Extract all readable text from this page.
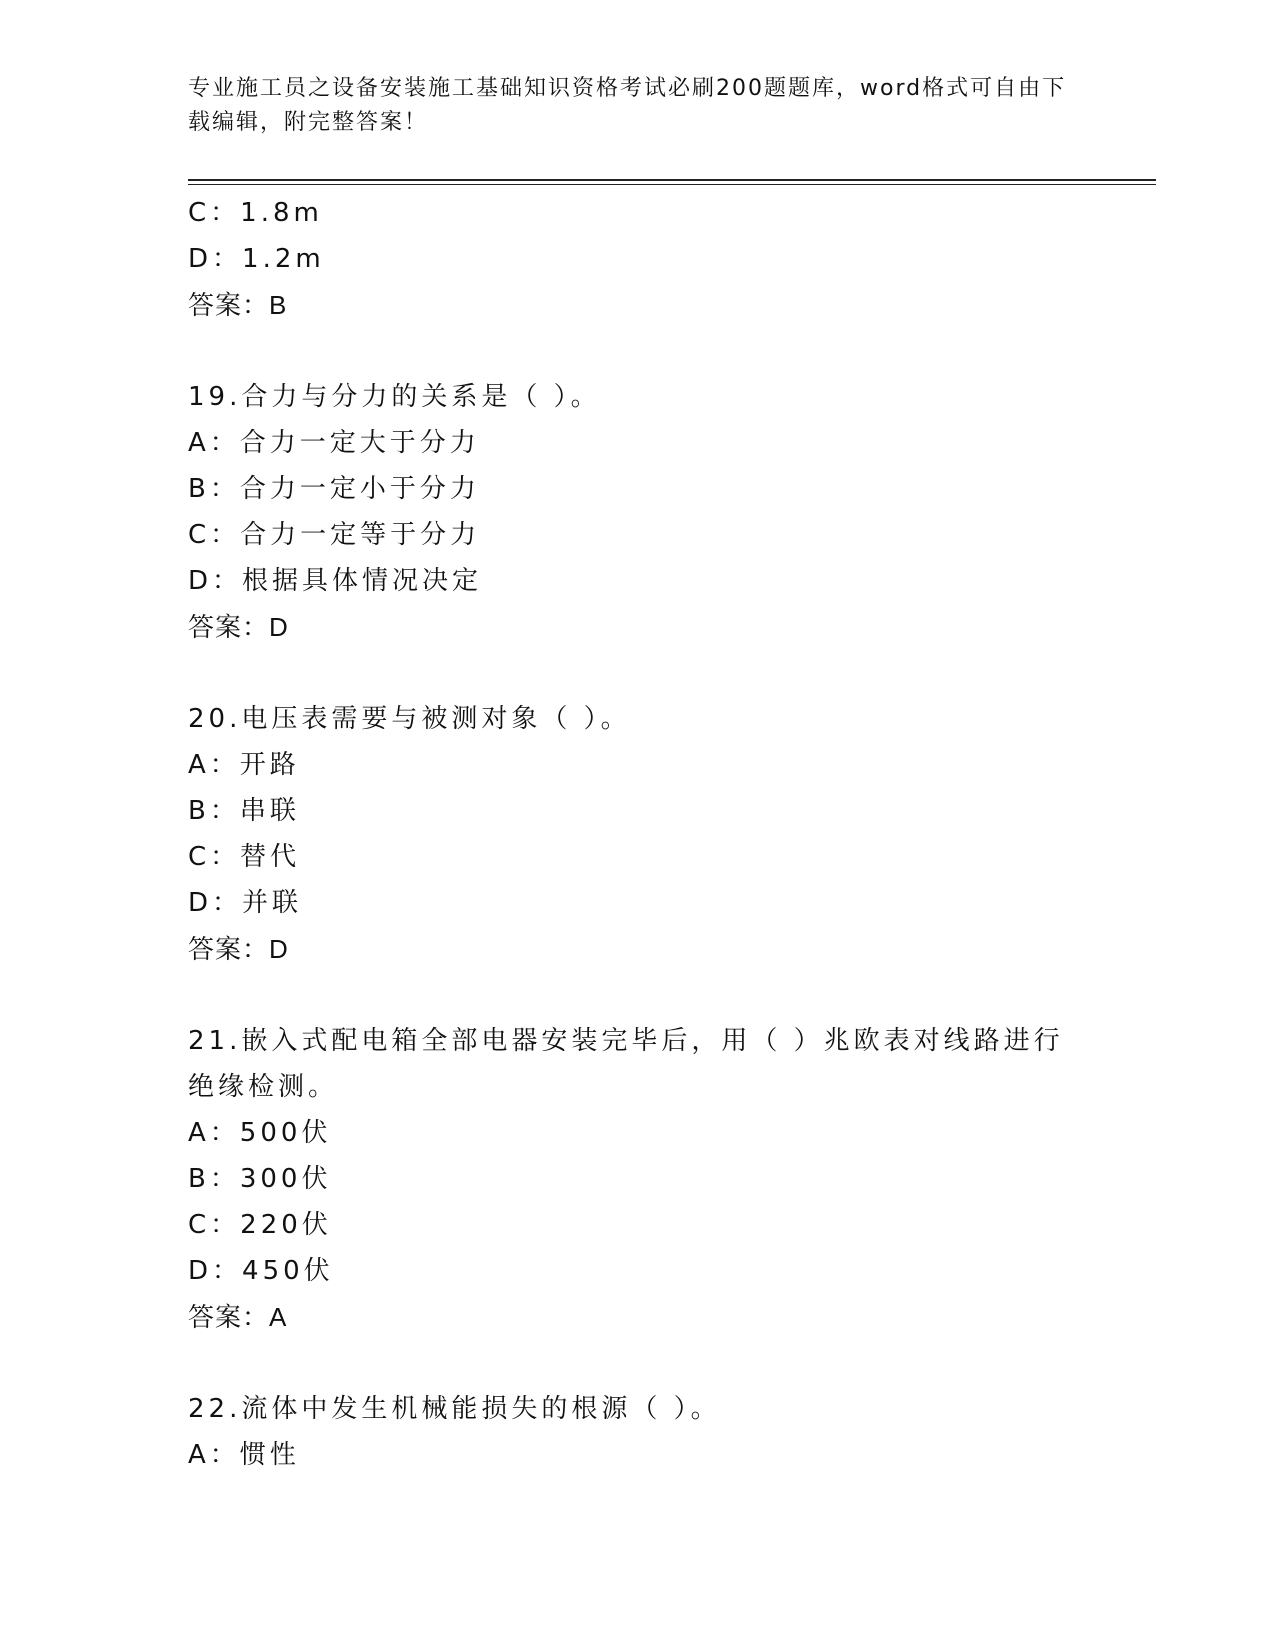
专业施工员之设备安装施工基础知识资格考试必刷200题题库，word格式可自由下载编辑，附完整答案！
C：1.8m
D：1.2m
答案：B
19.合力与分力的关系是（ ）。
A：合力一定大于分力
B：合力一定小于分力
C：合力一定等于分力
D：根据具体情况决定
答案：D
20.电压表需要与被测对象（ ）。
A：开路
B：串联
C：替代
D：并联
答案：D
21.嵌入式配电箱全部电器安装完毕后，用（ ）兆欧表对线路进行绝缘检测。
A：500伏
B：300伏
C：220伏
D：450伏
答案：A
22.流体中发生机械能损失的根源（ ）。
A：惯性
